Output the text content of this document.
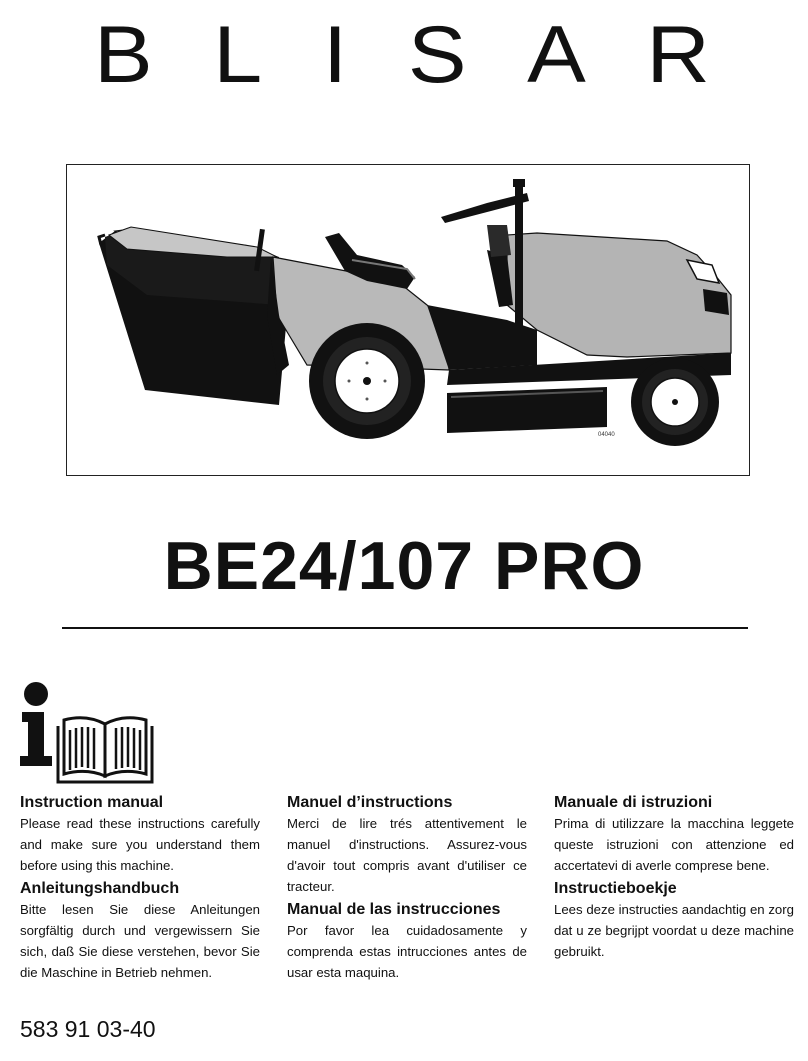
BLISAR
04040
BE24/107 PRO
Instruction manual

Please read these instructions carefully and make sure you understand them before using this machine.

Anleitungshandbuch

Bitte lesen Sie diese Anleitungen sorgfältig durch und vergewissern Sie sich, daß Sie diese verstehen, bevor Sie die Maschine in Betrieb nehmen.

Manuel d’instructions

Merci de lire trés attentivement le manuel d'instructions. Assurez-vous d'avoir tout compris avant d'utiliser ce tracteur.

Manual de las instrucciones

Por favor lea cuidadosamente y comprenda estas intrucciones antes de usar esta maquina.

Manuale di istruzioni

Prima di utilizzare la macchina leggete queste istruzioni con attenzione ed accertatevi di averle comprese bene.

Instructieboekje

Lees deze instructies aandachtig en zorg dat u ze begrijpt voordat u deze machine gebruikt.

583 91 03-40
